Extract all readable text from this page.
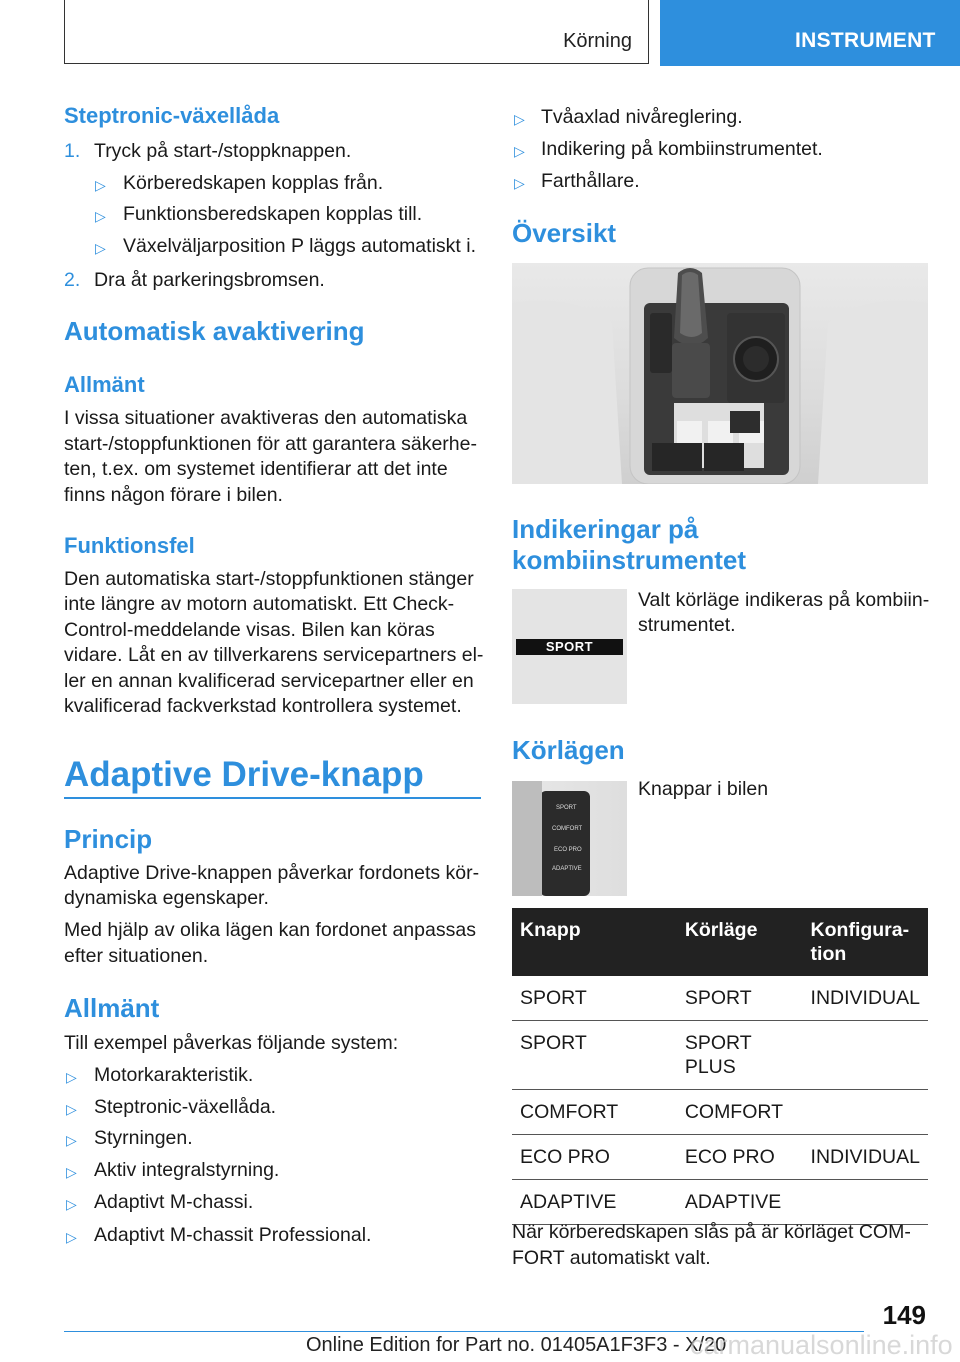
Körning	INSTRUMENT
Steptronic-växellåda
1. Tryck på start-/stoppknappen.
▷ Körberedskapen kopplas från.
▷ Funktionsberedskapen kopplas till.
▷ Växelväljarposition P läggs automatiskt i.
2. Dra åt parkeringsbromsen.
Automatisk avaktivering
Allmänt
I vissa situationer avaktiveras den automatiska
start-/stoppfunktionen för att garantera säkerhe-
ten, t.ex. om systemet identifierar att det inte
finns någon förare i bilen.
Funktionsfel
Den automatiska start-/stoppfunktionen stänger
inte längre av motorn automatiskt. Ett Check-
Control-meddelande visas. Bilen kan köras
vidare. Låt en av tillverkarens servicepartners el-
ler en annan kvalificerad servicepartner eller en
kvalificerad fackverkstad kontrollera systemet.
Adaptive Drive-knapp
Princip
Adaptive Drive-knappen påverkar fordonets kör-
dynamiska egenskaper.
Med hjälp av olika lägen kan fordonet anpassas
efter situationen.
Allmänt
Till exempel påverkas följande system:
▷ Motorkarakteristik.
▷ Steptronic-växellåda.
▷ Styrningen.
▷ Aktiv integralstyrning.
▷ Adaptivt M-chassi.
▷ Adaptivt M-chassit Professional.
▷ Tvåaxlad nivåreglering.
▷ Indikering på kombiinstrumentet.
▷ Farthållare.
Översikt
Indikeringar på
kombiinstrumentet
SPORT
Valt körläge indikeras på kombiin-
strumentet.
Körlägen
SPORT
COMFORT
ECO PRO
ADAPTIVE
Knappar i bilen
Knapp	Körläge	Konfigura-
tion
SPORT	SPORT	INDIVIDUAL
SPORT	SPORT
PLUS	
COMFORT	COMFORT	
ECO PRO	ECO PRO	INDIVIDUAL
ADAPTIVE	ADAPTIVE	
När körberedskapen slås på är körläget COM-
FORT automatiskt valt.
149
Online Edition for Part no. 01405A1F3F3 - X/20
carmanualsonline.info
